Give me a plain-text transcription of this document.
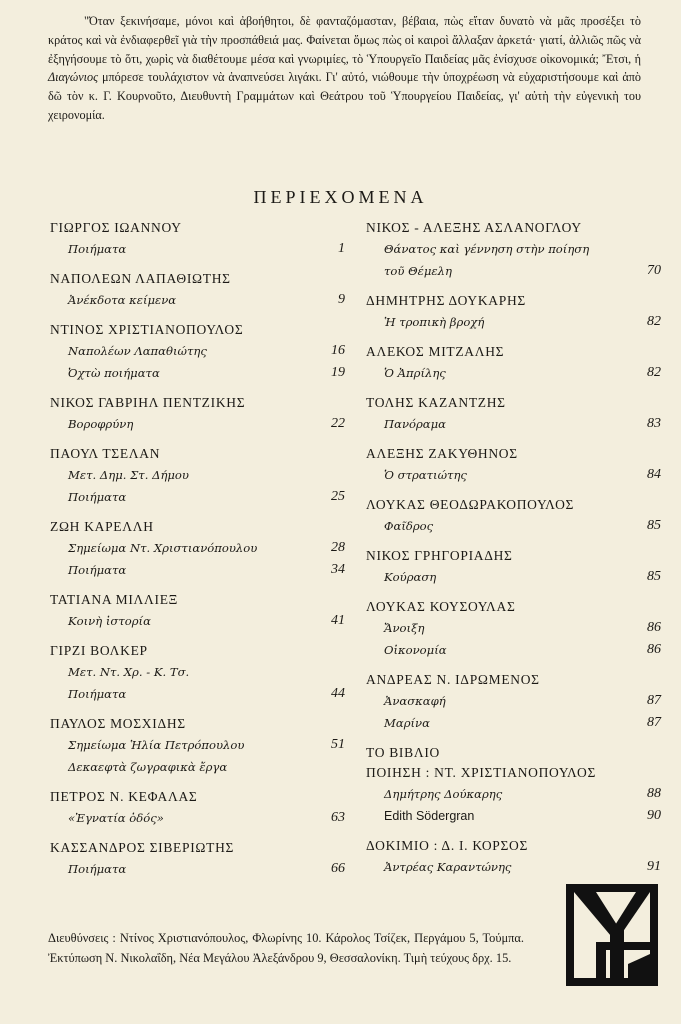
"Όταν ξεκινήσαμε, μόνοι καὶ ἀβοήθητοι, δὲ φανταζόμασταν, βέβαια, πὼς εἴταν δυνατὸ νὰ μᾶς προσέξει τὸ κράτος καὶ νὰ ἐνδιαφερθεῖ γιὰ τὴν προσπάθειά μας. Φαίνεται ὅμως πὼς οἱ καιροὶ ἄλλαξαν ἀρκετά· γιατί, ἀλλιῶς πῶς νὰ ἐξηγήσουμε τὸ ὅτι, χωρὶς νὰ διαθέτουμε μέσα καὶ γνωριμίες, τὸ Ὑπουργεῖο Παιδείας μᾶς ἐνίσχυσε οἰκονομικά; Ἔτσι, ἡ Διαγώνιος μπόρεσε τουλάχιστον νὰ ἀναπνεύσει λιγάκι. Γι' αὐτό, νιώθουμε τὴν ὑποχρέωση νὰ εὐχαριστήσουμε καὶ ἀπὸ δῶ τὸν κ. Γ. Κουρνοῦτο, Διευθυντὴ Γραμμάτων καὶ Θεάτρου τοῦ Ὑπουργείου Παιδείας, γι' αὐτὴ τὴν εὐγενικὴ του χειρονομία.

ΠΕΡΙΕΧΟΜΕΝΑ
ΓΙΩΡΓΟΣ ΙΩΑΝΝΟΥ
Ποιήματα	1
ΝΑΠΟΛΕΩΝ ΛΑΠΑΘΙΩΤΗΣ
Ἀνέκδοτα κείμενα	9
ΝΤΙΝΟΣ ΧΡΙΣΤΙΑΝΟΠΟΥΛΟΣ
Ναπολέων Λαπαθιώτης	16
Ὀχτὼ ποιήματα	19
ΝΙΚΟΣ ΓΑΒΡΙΗΛ ΠΕΝΤΖΙΚΗΣ
Βοροφρύνη	22
ΠΑΟΥΛ ΤΣΕΛΑΝ
Μετ. Δημ. Στ. Δήμου
Ποιήματα	25
ΖΩΗ ΚΑΡΕΛΛΗ
Σημείωμα Ντ. Χριστιανόπουλου	28
Ποιήματα	34
ΤΑΤΙΑΝΑ ΜΙΛΛΙΕΞ
Κοινὴ ἱστορία	41
ΓΙΡΖΙ ΒΟΛΚΕΡ
Μετ. Ντ. Χρ. - Κ. Τσ.
Ποιήματα	44
ΠΑΥΛΟΣ ΜΟΣΧΙΔΗΣ
Σημείωμα Ἡλία Πετρόπουλου	51
Δεκαεφτὰ ζωγραφικὰ ἔργα
ΠΕΤΡΟΣ Ν. ΚΕΦΑΛΑΣ
«Ἐγνατία ὁδός»	63
ΚΑΣΣΑΝΔΡΟΣ ΣΙΒΕΡΙΩΤΗΣ
Ποιήματα	66
ΝΙΚΟΣ - ΑΛΕΞΗΣ ΑΣΛΑΝΟΓΛΟΥ
Θάνατος καὶ γέννηση στὴν ποίηση
τοῦ Θέμελη	70
ΔΗΜΗΤΡΗΣ ΔΟΥΚΑΡΗΣ
Ἡ τροπικὴ βροχή	82
ΑΛΕΚΟΣ ΜΙΤΖΑΛΗΣ
Ὁ Ἀπρίλης	82
ΤΟΛΗΣ ΚΑΖΑΝΤΖΗΣ
Πανόραμα	83
ΑΛΕΞΗΣ ΖΑΚΥΘΗΝΟΣ
Ὁ στρατιώτης	84
ΛΟΥΚΑΣ ΘΕΟΔΩΡΑΚΟΠΟΥΛΟΣ
Φαῖδρος	85
ΝΙΚΟΣ ΓΡΗΓΟΡΙΑΔΗΣ
Κούραση	85
ΛΟΥΚΑΣ ΚΟΥΣΟΥΛΑΣ
Ἄνοιξη	86
Οἰκονομία	86
ΑΝΔΡΕΑΣ Ν. ΙΔΡΩΜΕΝΟΣ
Ἀνασκαφή	87
Μαρίνα	87
ΤΟ ΒΙΒΛΙΟ
ΠΟΙΗΣΗ : ΝΤ. ΧΡΙΣΤΙΑΝΟΠΟΥΛΟΣ
Δημήτρης Δούκαρης	88
Edith Södergran	90
ΔΟΚΙΜΙΟ : Δ. Ι. ΚΟΡΣΟΣ
Ἀντρέας Καραντώνης	91

Διευθύνσεις : Ντίνος Χριστιανόπουλος, Φλωρίνης 10. Κάρολος Τσίζεκ, Περγάμου 5, Τούμπα. Ἐκτύπωση Ν. Νικολαΐδη, Νέα Μεγάλου Ἀλεξάνδρου 9, Θεσσαλονίκη. Τιμὴ τεύχους δρχ. 15.
